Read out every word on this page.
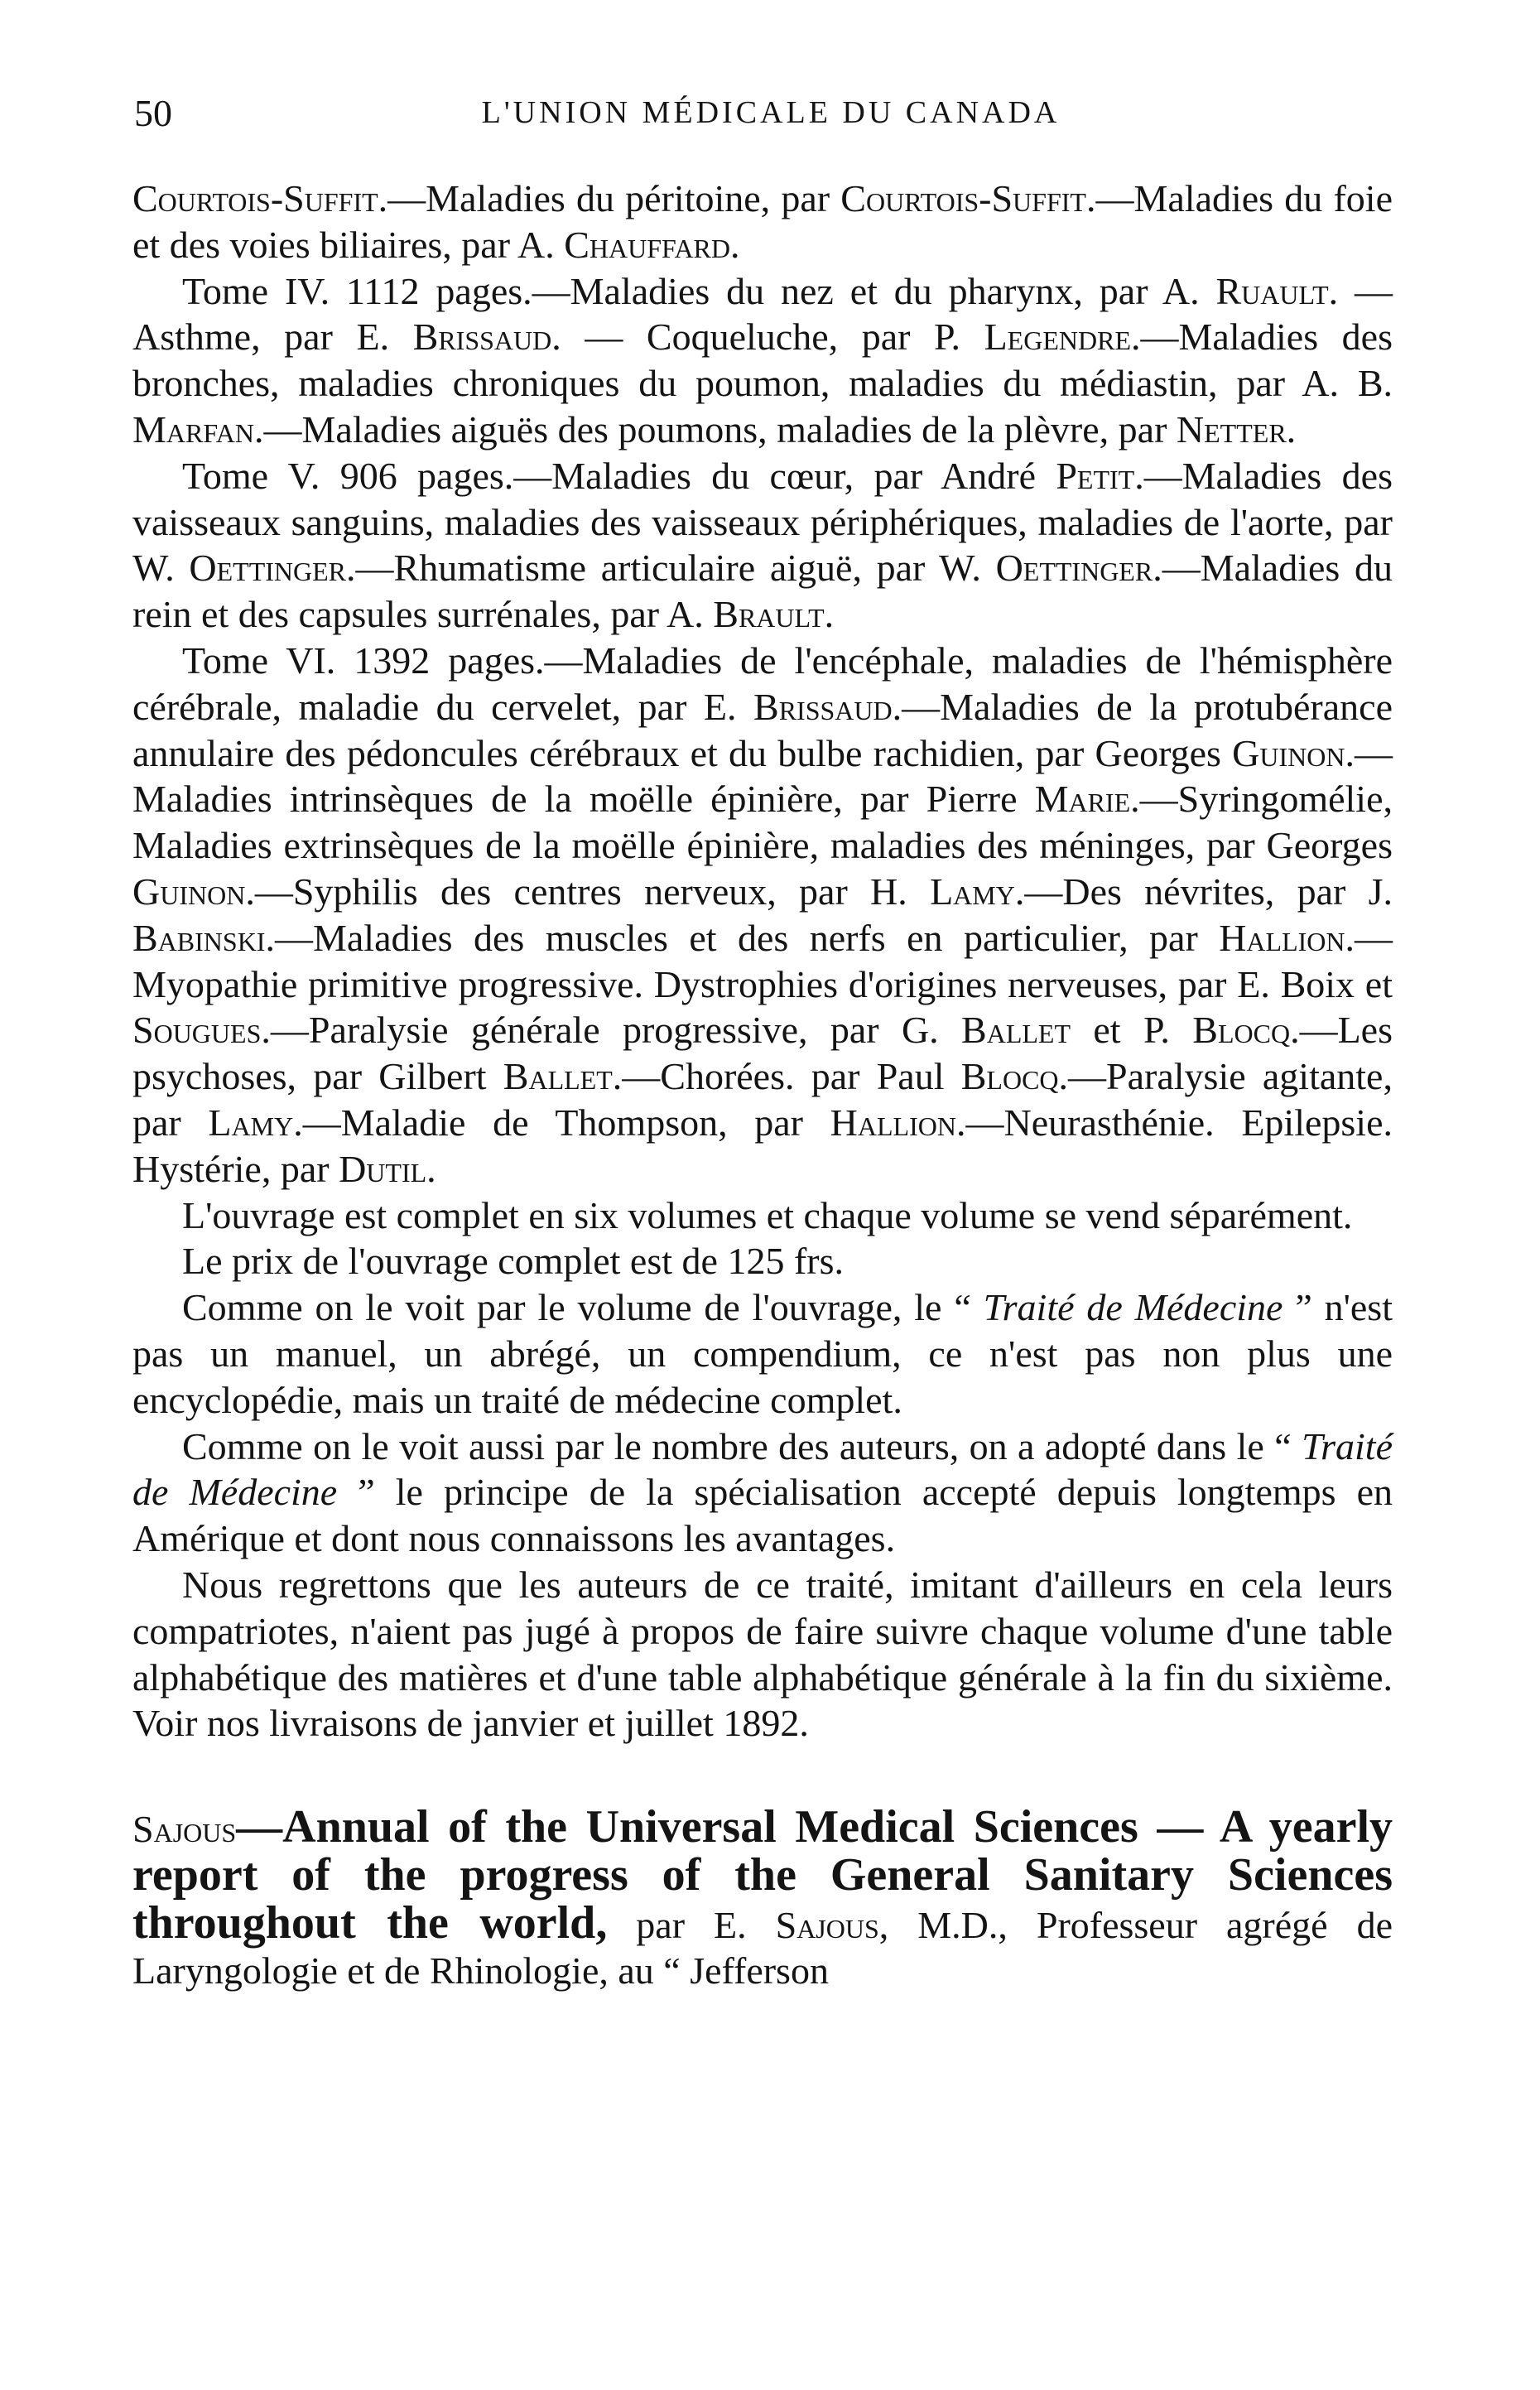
50	L'UNION MÉDICALE DU CANADA

Courtois-Suffit.—Maladies du péritoine, par Courtois-Suffit.—Maladies du foie et des voies biliaires, par A. Chauffard.

Tome IV. 1112 pages.—Maladies du nez et du pharynx, par A. Ruault. — Asthme, par E. Brissaud. — Coqueluche, par P. Legendre.—Maladies des bronches, maladies chroniques du poumon, maladies du médiastin, par A. B. Marfan.—Maladies aiguës des poumons, maladies de la plèvre, par Netter.

Tome V. 906 pages.—Maladies du cœur, par André Petit.—Maladies des vaisseaux sanguins, maladies des vaisseaux périphériques, maladies de l'aorte, par W. Oettinger.—Rhumatisme articulaire aiguë, par W. Oettinger.—Maladies du rein et des capsules surrénales, par A. Brault.

Tome VI. 1392 pages.—Maladies de l'encéphale, maladies de l'hémisphère cérébrale, maladie du cervelet, par E. Brissaud.—Maladies de la protubérance annulaire des pédoncules cérébraux et du bulbe rachidien, par Georges Guinon.—Maladies intrinsèques de la moëlle épinière, par Pierre Marie.—Syringomélie, Maladies extrinsèques de la moëlle épinière, maladies des méninges, par Georges Guinon.—Syphilis des centres nerveux, par H. Lamy.—Des névrites, par J. Babinski.—Maladies des muscles et des nerfs en particulier, par Hallion.—Myopathie primitive progressive. Dystrophies d'origines nerveuses, par E. Boix et Sougues.—Paralysie générale progressive, par G. Ballet et P. Blocq.—Les psychoses, par Gilbert Ballet.—Chorées. par Paul Blocq.—Paralysie agitante, par Lamy.—Maladie de Thompson, par Hallion.—Neurasthénie. Epilepsie. Hystérie, par Dutil.

L'ouvrage est complet en six volumes et chaque volume se vend séparément.

Le prix de l'ouvrage complet est de 125 frs.

Comme on le voit par le volume de l'ouvrage, le “ Traité de Médecine ” n'est pas un manuel, un abrégé, un compendium, ce n'est pas non plus une encyclopédie, mais un traité de médecine complet.

Comme on le voit aussi par le nombre des auteurs, on a adopté dans le “ Traité de Médecine ” le principe de la spécialisation accepté depuis longtemps en Amérique et dont nous connaissons les avantages.

Nous regrettons que les auteurs de ce traité, imitant d'ailleurs en cela leurs compatriotes, n'aient pas jugé à propos de faire suivre chaque volume d'une table alphabétique des matières et d'une table alphabétique générale à la fin du sixième. Voir nos livraisons de janvier et juillet 1892.

Sajous—Annual of the Universal Medical Sciences — A yearly report of the progress of the General Sanitary Sciences throughout the world, par E. Sajous, M.D., Professeur agrégé de Laryngologie et de Rhinologie, au “ Jefferson
